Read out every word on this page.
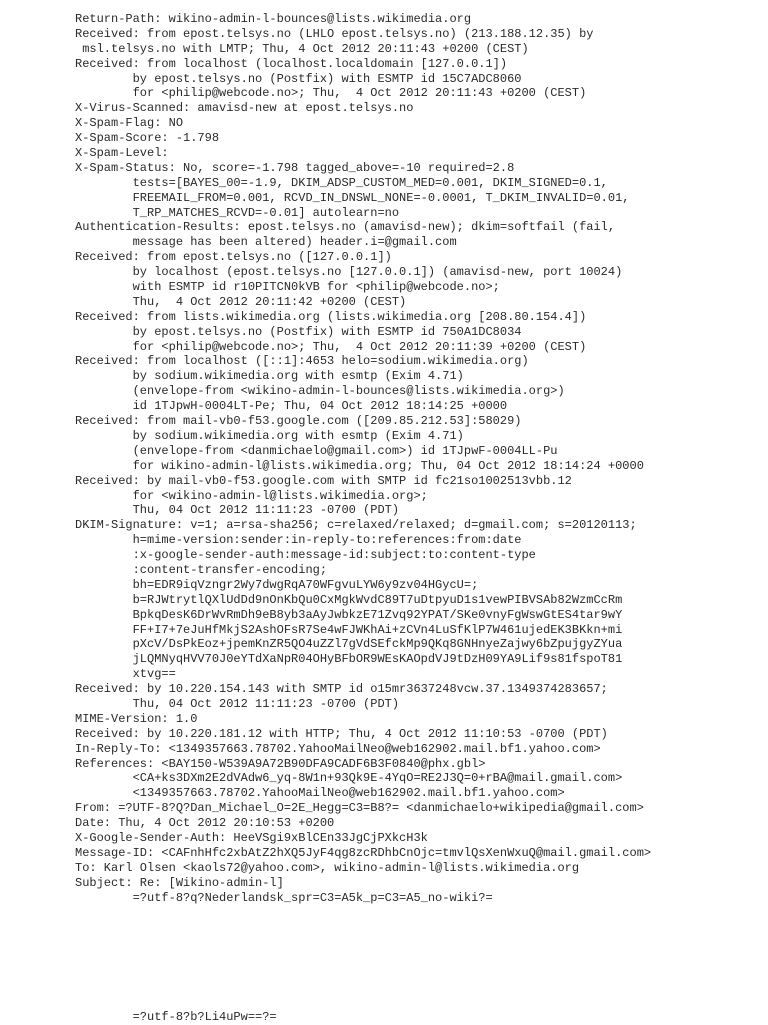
Return-Path: wikino-admin-l-bounces@lists.wikimedia.org
Received: from epost.telsys.no (LHLO epost.telsys.no) (213.188.12.35) by
msl.telsys.no with LMTP; Thu, 4 Oct 2012 20:11:43 +0200 (CEST)
Received: from localhost (localhost.localdomain [127.0.0.1])
by epost.telsys.no (Postfix) with ESMTP id 15C7ADC8060
for <philip@webcode.no>; Thu,  4 Oct 2012 20:11:43 +0200 (CEST)
X-Virus-Scanned: amavisd-new at epost.telsys.no
X-Spam-Flag: NO
X-Spam-Score: -1.798
X-Spam-Level:
X-Spam-Status: No, score=-1.798 tagged_above=-10 required=2.8
tests=[BAYES_00=-1.9, DKIM_ADSP_CUSTOM_MED=0.001, DKIM_SIGNED=0.1,
FREEMAIL_FROM=0.001, RCVD_IN_DNSWL_NONE=-0.0001, T_DKIM_INVALID=0.01,
T_RP_MATCHES_RCVD=-0.01] autolearn=no
Authentication-Results: epost.telsys.no (amavisd-new); dkim=softfail (fail,
message has been altered) header.i=@gmail.com
Received: from epost.telsys.no ([127.0.0.1])
by localhost (epost.telsys.no [127.0.0.1]) (amavisd-new, port 10024)
with ESMTP id r10PITCN0kVB for <philip@webcode.no>;
Thu,  4 Oct 2012 20:11:42 +0200 (CEST)
Received: from lists.wikimedia.org (lists.wikimedia.org [208.80.154.4])
by epost.telsys.no (Postfix) with ESMTP id 750A1DC8034
for <philip@webcode.no>; Thu,  4 Oct 2012 20:11:39 +0200 (CEST)
Received: from localhost ([::1]:4653 helo=sodium.wikimedia.org)
by sodium.wikimedia.org with esmtp (Exim 4.71)
(envelope-from <wikino-admin-l-bounces@lists.wikimedia.org>)
id 1TJpwH-0004LT-Pe; Thu, 04 Oct 2012 18:14:25 +0000
Received: from mail-vb0-f53.google.com ([209.85.212.53]:58029)
by sodium.wikimedia.org with esmtp (Exim 4.71)
(envelope-from <danmichaelo@gmail.com>) id 1TJpwF-0004LL-Pu
for wikino-admin-l@lists.wikimedia.org; Thu, 04 Oct 2012 18:14:24 +0000
Received: by mail-vb0-f53.google.com with SMTP id fc21so1002513vbb.12
for <wikino-admin-l@lists.wikimedia.org>;
Thu, 04 Oct 2012 11:11:23 -0700 (PDT)
DKIM-Signature: v=1; a=rsa-sha256; c=relaxed/relaxed; d=gmail.com; s=20120113;
h=mime-version:sender:in-reply-to:references:from:date
:x-google-sender-auth:message-id:subject:to:content-type
:content-transfer-encoding;
bh=EDR9iqVzngr2Wy7dwgRqA70WFgvuLYW6y9zv04HGycU=;
b=RJWtrytlQXlUdDd9nOnKbQu0CxMgkWvdC89T7uDtpyuD1s1vewPIBVSAb82WzmCcRm
BpkqDesK6DrWvRmDh9eB8yb3aAyJwbkzE71Zvq92YPAT/SKe0vnyFgWswGtES4tar9wY
FF+I7+7eJuHfMkjS2AshOFsR7Se4wFJWKhAi+zCVn4LuSfKlP7W461ujedEK3BKkn+mi
pXcV/DsPkEoz+jpemKnZR5QO4uZZl7gVdSEfckMp9QKq8GNHnyeZajwy6bZpujgyZYua
jLQMNyqHVV70J0eYTdXaNpR04OHyBFbOR9WEsKAOpdVJ9tDzH09YA9Lif9s81fspoT81
xtvg==
Received: by 10.220.154.143 with SMTP id o15mr3637248vcw.37.1349374283657;
Thu, 04 Oct 2012 11:11:23 -0700 (PDT)
MIME-Version: 1.0
Received: by 10.220.181.12 with HTTP; Thu, 4 Oct 2012 11:10:53 -0700 (PDT)
In-Reply-To: <1349357663.78702.YahooMailNeo@web162902.mail.bf1.yahoo.com>
References: <BAY150-W539A9A72B90DFA9CADF6B3F0840@phx.gbl>
<CA+ks3DXm2E2dVAdw6_yq-8W1n+93Qk9E-4YqO=RE2J3Q=0+rBA@mail.gmail.com>
<1349357663.78702.YahooMailNeo@web162902.mail.bf1.yahoo.com>
From: =?UTF-8?Q?Dan_Michael_O=2E_Hegg=C3=B8?= <danmichaelo+wikipedia@gmail.com>
Date: Thu, 4 Oct 2012 20:10:53 +0200
X-Google-Sender-Auth: HeeVSgi9xBlCEn33JgCjPXkcH3k
Message-ID: <CAFnhHfc2xbAtZ2hXQ5JyF4qg8zcRDhbCnOjc=tmvlQsXenWxuQ@mail.gmail.com>
To: Karl Olsen <kaols72@yahoo.com>, wikino-admin-l@lists.wikimedia.org
Subject: Re: [Wikino-admin-l]
=?utf-8?q?Nederlandsk_spr=C3=A5k_p=C3=A5_no-wiki?=
=?utf-8?b?Li4uPw==?=
